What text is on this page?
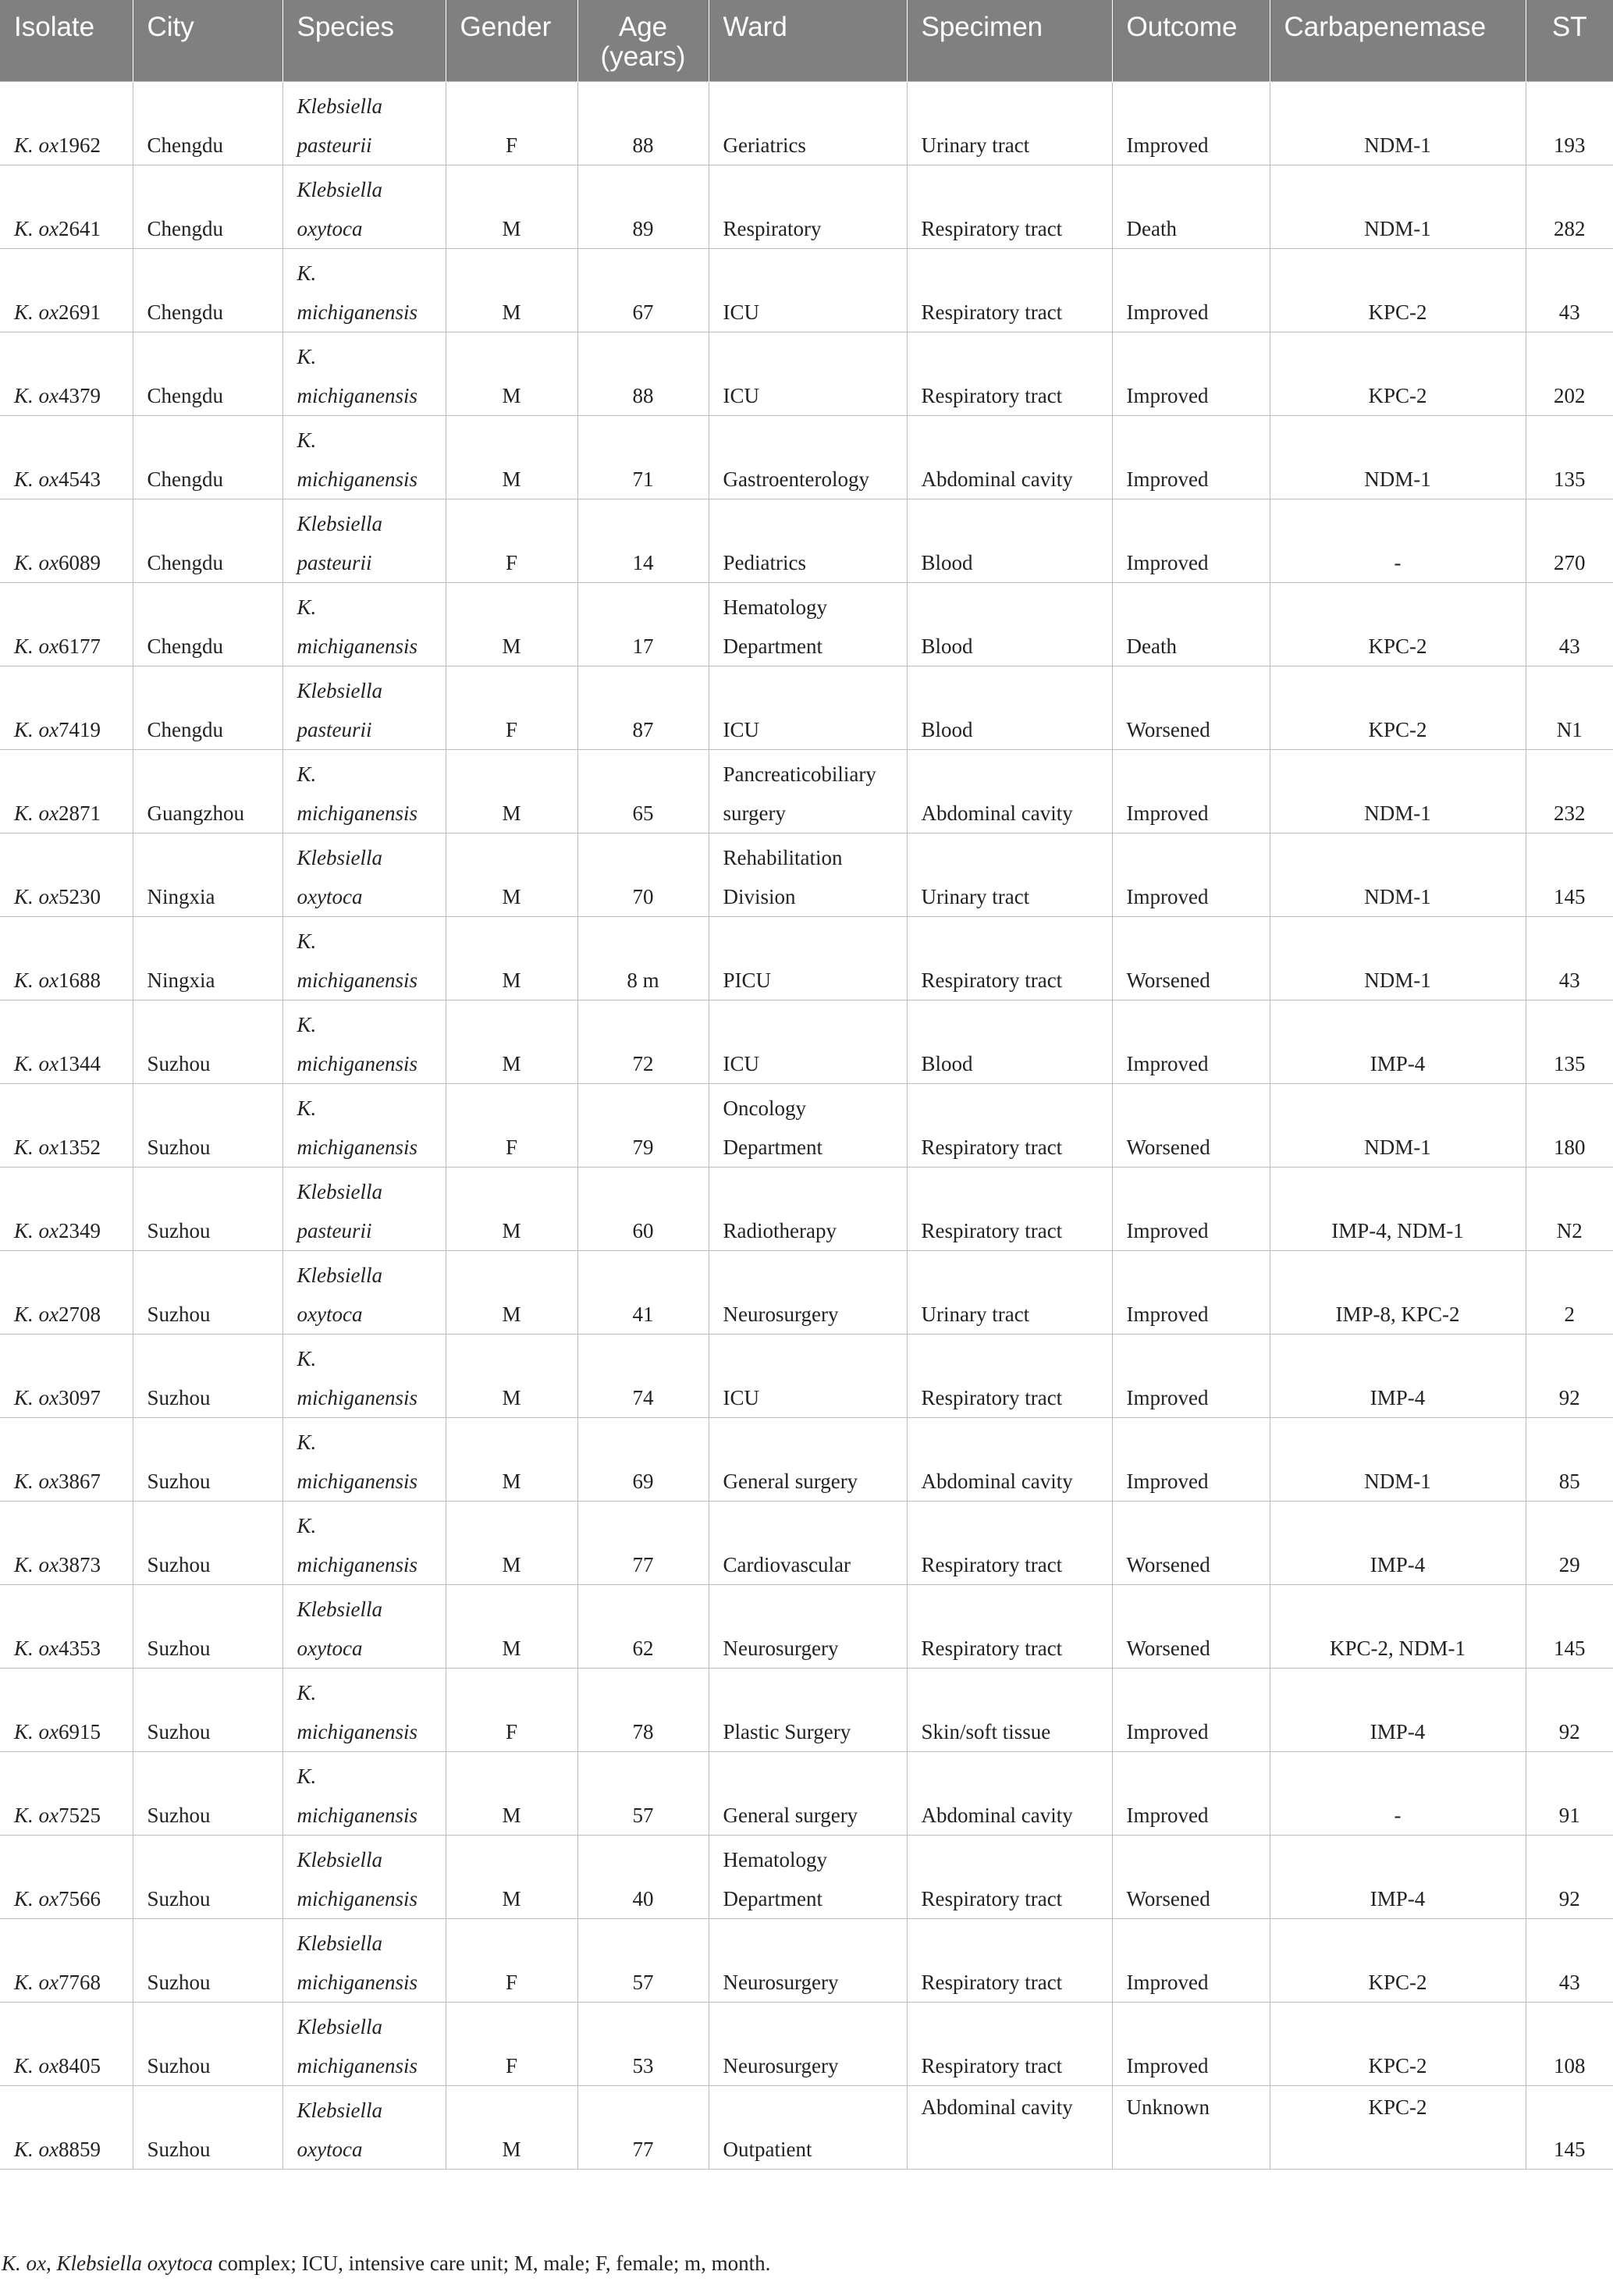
Isolate	City	Species	Gender	Age
(years)	Ward	Specimen	Outcome	Carbapenemase	ST
K. ox1962	Chengdu	Klebsiella
pasteurii	F	88	Geriatrics	Urinary tract	Improved	NDM-1	193
K. ox2641	Chengdu	Klebsiella
oxytoca	M	89	Respiratory	Respiratory tract	Death	NDM-1	282
K. ox2691	Chengdu	K.
michiganensis	M	67	ICU	Respiratory tract	Improved	KPC-2	43
K. ox4379	Chengdu	K.
michiganensis	M	88	ICU	Respiratory tract	Improved	KPC-2	202
K. ox4543	Chengdu	K.
michiganensis	M	71	Gastroenterology	Abdominal cavity	Improved	NDM-1	135
K. ox6089	Chengdu	Klebsiella
pasteurii	F	14	Pediatrics	Blood	Improved	-	270
K. ox6177	Chengdu	K.
michiganensis	M	17	Hematology
Department	Blood	Death	KPC-2	43
K. ox7419	Chengdu	Klebsiella
pasteurii	F	87	ICU	Blood	Worsened	KPC-2	N1
K. ox2871	Guangzhou	K.
michiganensis	M	65	Pancreaticobiliary
surgery	Abdominal cavity	Improved	NDM-1	232
K. ox5230	Ningxia	Klebsiella
oxytoca	M	70	Rehabilitation
Division	Urinary tract	Improved	NDM-1	145
K. ox1688	Ningxia	K.
michiganensis	M	8 m	PICU	Respiratory tract	Worsened	NDM-1	43
K. ox1344	Suzhou	K.
michiganensis	M	72	ICU	Blood	Improved	IMP-4	135
K. ox1352	Suzhou	K.
michiganensis	F	79	Oncology
Department	Respiratory tract	Worsened	NDM-1	180
K. ox2349	Suzhou	Klebsiella
pasteurii	M	60	Radiotherapy	Respiratory tract	Improved	IMP-4, NDM-1	N2
K. ox2708	Suzhou	Klebsiella
oxytoca	M	41	Neurosurgery	Urinary tract	Improved	IMP-8, KPC-2	2
K. ox3097	Suzhou	K.
michiganensis	M	74	ICU	Respiratory tract	Improved	IMP-4	92
K. ox3867	Suzhou	K.
michiganensis	M	69	General surgery	Abdominal cavity	Improved	NDM-1	85
K. ox3873	Suzhou	K.
michiganensis	M	77	Cardiovascular	Respiratory tract	Worsened	IMP-4	29
K. ox4353	Suzhou	Klebsiella
oxytoca	M	62	Neurosurgery	Respiratory tract	Worsened	KPC-2, NDM-1	145
K. ox6915	Suzhou	K.
michiganensis	F	78	Plastic Surgery	Skin/soft tissue	Improved	IMP-4	92
K. ox7525	Suzhou	K.
michiganensis	M	57	General surgery	Abdominal cavity	Improved	-	91
K. ox7566	Suzhou	Klebsiella
michiganensis	M	40	Hematology
Department	Respiratory tract	Worsened	IMP-4	92
K. ox7768	Suzhou	Klebsiella
michiganensis	F	57	Neurosurgery	Respiratory tract	Improved	KPC-2	43
K. ox8405	Suzhou	Klebsiella
michiganensis	F	53	Neurosurgery	Respiratory tract	Improved	KPC-2	108
K. ox8859	Suzhou	Klebsiella
oxytoca	M	77	Outpatient	Abdominal cavity	Unknown	KPC-2	145
K. ox, Klebsiella oxytoca complex; ICU, intensive care unit; M, male; F, female; m, month.
